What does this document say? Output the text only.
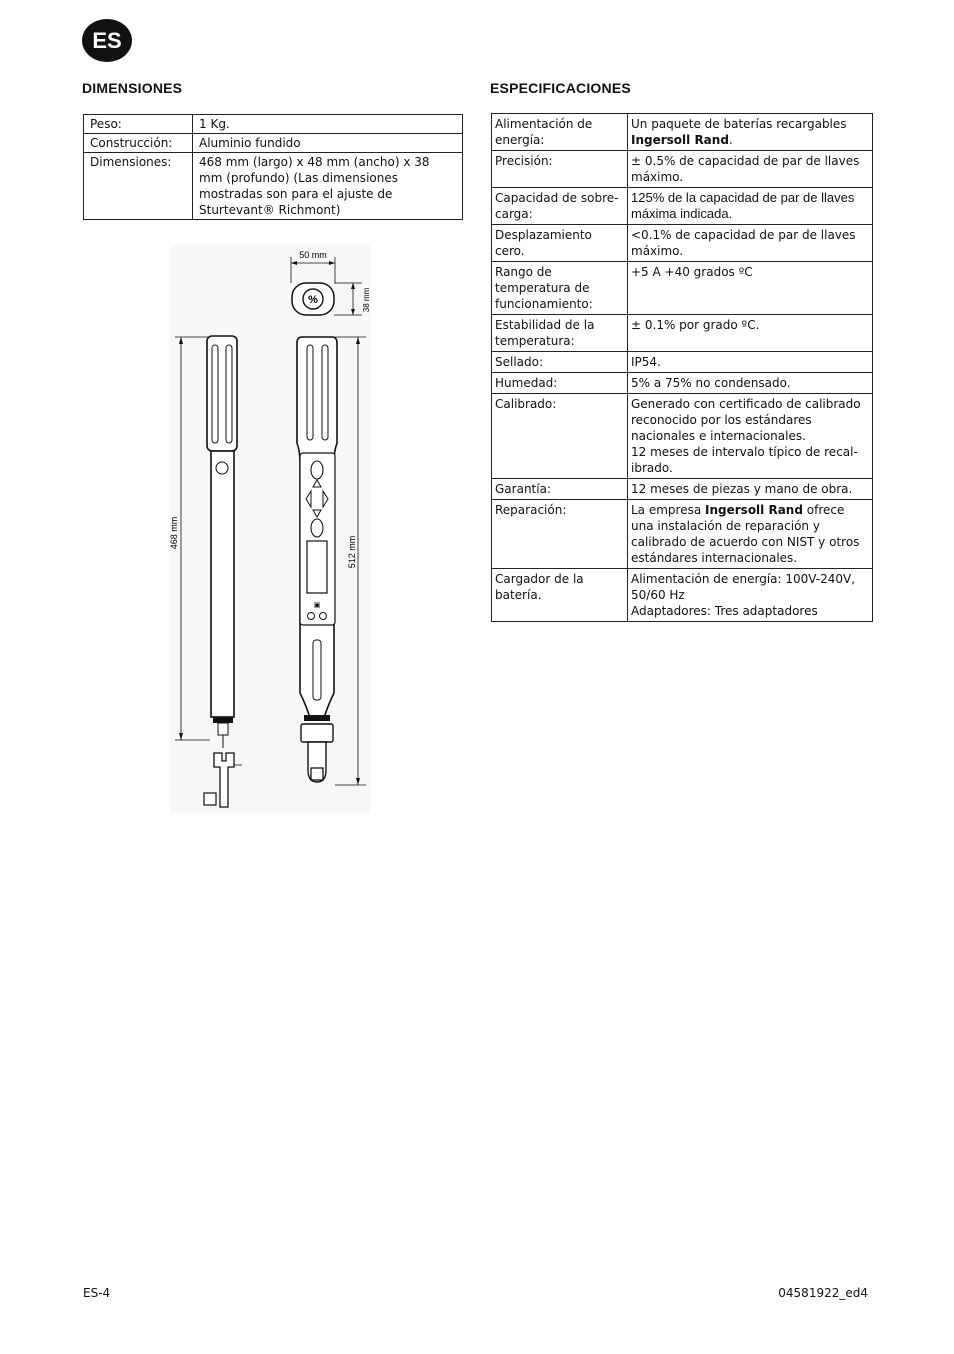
ES
DIMENSIONES
Peso:	1 Kg.
Construcción:	Aluminio fundido
Dimensiones:	468 mm (largo) x 48 mm (ancho) x 38 mm (profundo) (Las dimensiones mostradas son para el ajuste de Sturtevant® Richmont)
50 mm
%	38 mm
468 mm
▣
512 mm
ESPECIFICACIONES
Alimentación de energía:	Un paquete de baterías recargables Ingersoll Rand.
Precisión:	± 0.5% de capacidad de par de llaves máximo.
Capacidad de sobre-carga:	125% de la capacidad de par de llaves máxima indicada.
Desplazamiento cero.	<0.1% de capacidad de par de llaves máximo.
Rango de temperatura de funcionamiento:	+5 A +40 grados ºC
Estabilidad de la temperatura:	± 0.1% por grado ºC.
Sellado:	IP54.
Humedad:	5% a 75% no condensado.
Calibrado:	Generado con certificado de calibrado reconocido por los estándares nacionales e internacionales.
12 meses de intervalo típico de recal-ibrado.

Garantía:	12 meses de piezas y mano de obra.
Reparación:	La empresa Ingersoll Rand ofrece una instalación de reparación y calibrado de acuerdo con NIST y otros estándares internacionales.
Cargador de la batería.	Alimentación de energía: 100V-240V, 50/60 Hz
Adaptadores: Tres adaptadores
ES-4	04581922_ed4
